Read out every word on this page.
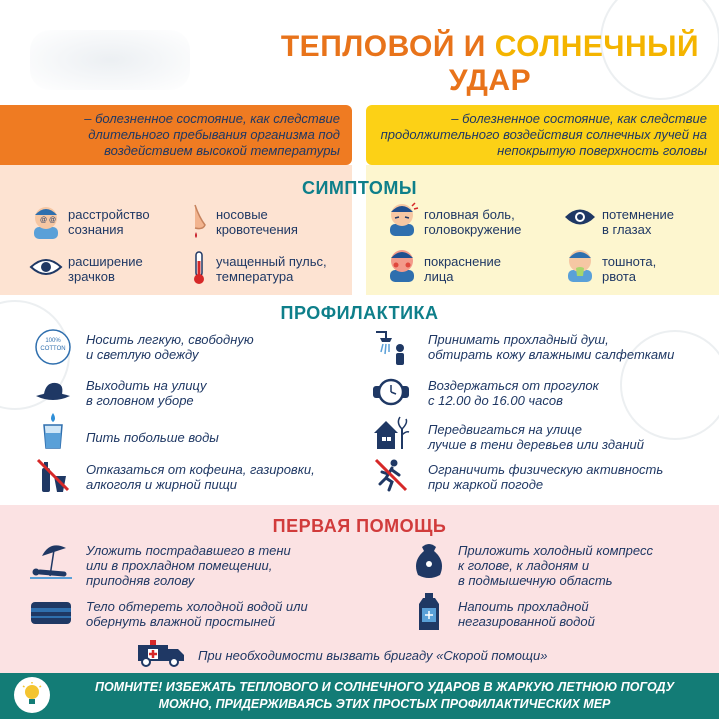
ТЕПЛОВОЙ И СОЛНЕЧНЫЙ
УДАР
– болезненное состояние, как следствие длительного пребывания организма под воздействием высокой температуры
– болезненное состояние, как следствие продолжительного воздействия солнечных лучей на непокрытую поверхность головы
СИМПТОМЫ
@ @ расстройство
сознания
носовые
кровотечения
расширение
зрачков
учащенный пульс,
температура
головная боль,
головокружение
потемнение
в глазах
покраснение
лица
тошнота,
рвота
ПРОФИЛАКТИКА
100%
COTTON
Носить легкую, свободную
и светлую одежду
Выходить на улицу
в головном уборе
Пить побольше воды
Отказаться от кофеина, газировки,
алкоголя и жирной пищи
Принимать прохладный душ,
обтирать кожу влажными салфетками
Воздержаться от прогулок
с 12.00 до 16.00 часов
Передвигаться на улице
лучше в тени деревьев или зданий
Ограничить физическую активность
при жаркой погоде
ПЕРВАЯ ПОМОЩЬ
Уложить пострадавшего в тени
или в прохладном помещении,
приподняв голову
Тело обтереть холодной водой или
обернуть влажной простыней
Приложить холодный компресс
к голове, к ладоням и
в подмышечную область
Напоить прохладной
негазированной водой
При необходимости вызвать бригаду «Скорой помощи»
ПОМНИТЕ! ИЗБЕЖАТЬ ТЕПЛОВОГО И СОЛНЕЧНОГО УДАРОВ В ЖАРКУЮ ЛЕТНЮЮ ПОГОДУ МОЖНО, ПРИДЕРЖИВАЯСЬ ЭТИХ ПРОСТЫХ ПРОФИЛАКТИЧЕСКИХ МЕР
